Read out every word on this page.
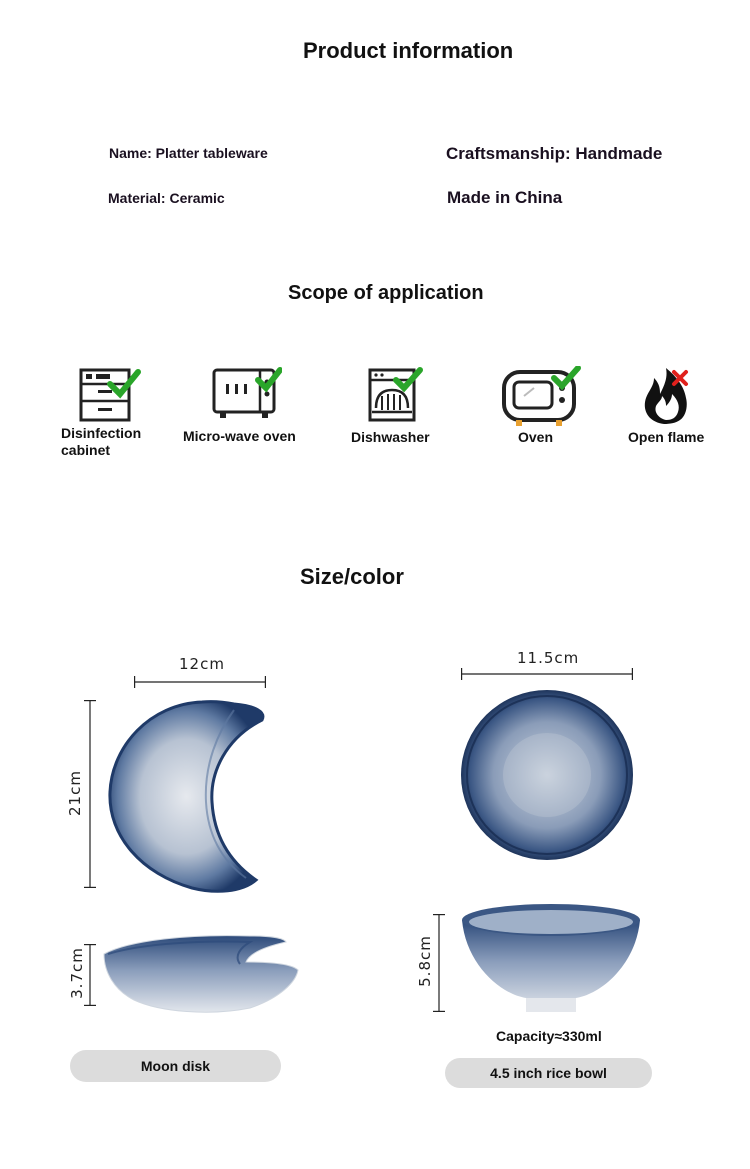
Product information
Name: Platter tableware
Material: Ceramic
Craftsmanship: Handmade
Made in China
Scope of application
Disinfection cabinet
Micro-wave oven	Dishwasher	Oven	Open flame
Size/color
12cm
21cm
3.7cm
Moon disk
11.5cm
5.8cm
Capacity≈330ml
4.5 inch rice bowl
